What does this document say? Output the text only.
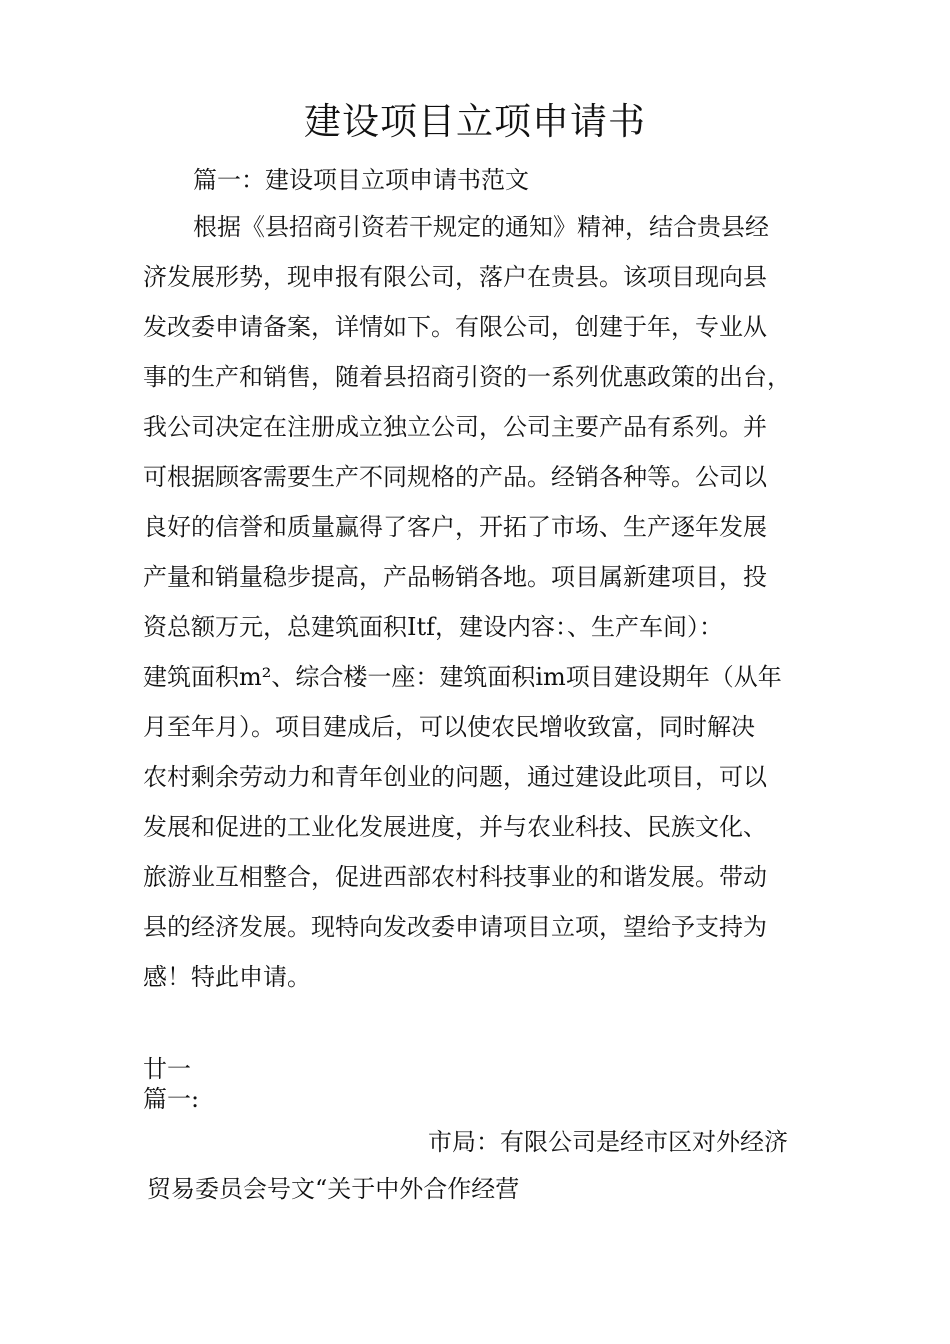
建设项目立项申请书
篇一：建设项目立项申请书范文
根据《县招商引资若干规定的通知》精神，结合贵县经
济发展形势，现申报有限公司，落户在贵县。该项目现向县
发改委申请备案，详情如下。有限公司，创建于年，专业从
事的生产和销售，随着县招商引资的一系列优惠政策的出台，
我公司决定在注册成立独立公司，公司主要产品有系列。并
可根据顾客需要生产不同规格的产品。经销各种等。公司以
良好的信誉和质量赢得了客户，开拓了市场、生产逐年发展
产量和销量稳步提高，产品畅销各地。项目属新建项目，投
资总额万元，总建筑面积Itf，建设内容：、生产车间）：
建筑面积m²、综合楼一座：建筑面积im项目建设期年（从年
月至年月）。项目建成后，可以使农民增收致富，同时解决
农村剩余劳动力和青年创业的问题，通过建设此项目，可以
发展和促进的工业化发展进度，并与农业科技、民族文化、
旅游业互相整合，促进西部农村科技事业的和谐发展。带动
县的经济发展。现特向发改委申请项目立项，望给予支持为
感！特此申请。
廿一
篇一:
市局：有限公司是经市区对外经济
贸易委员会号文“关于中外合作经营
